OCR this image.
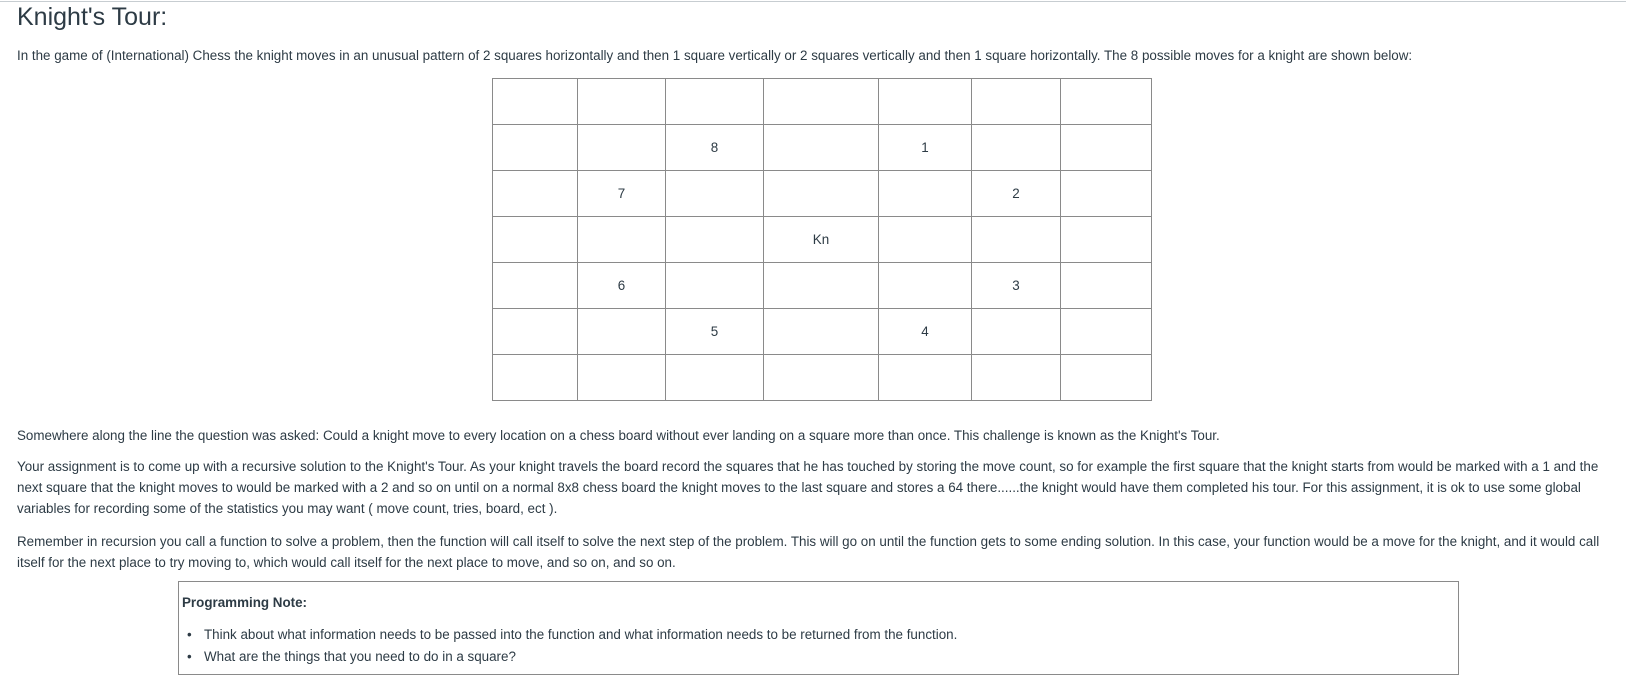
Knight's Tour:

In the game of (International) Chess the knight moves in an unusual pattern of 2 squares horizontally and then 1 square vertically or 2 squares vertically and then 1 square horizontally. The 8 possible moves for a knight are shown below:

		8		1		
	7				2	
			Kn			
	6				3	
		5		4		

Somewhere along the line the question was asked: Could a knight move to every location on a chess board without ever landing on a square more than once. This challenge is known as the Knight's Tour.

Your assignment is to come up with a recursive solution to the Knight's Tour. As your knight travels the board record the squares that he has touched by storing the move count, so for example the first square that the knight starts from would be marked with a 1 and the next square that the knight moves to would be marked with a 2 and so on until on a normal 8x8 chess board the knight moves to the last square and stores a 64 there......the knight would have them completed his tour. For this assignment, it is ok to use some global variables for recording some of the statistics you may want ( move count, tries, board, ect ).

Remember in recursion you call a function to solve a problem, then the function will call itself to solve the next step of the problem. This will go on until the function gets to some ending solution. In this case, your function would be a move for the knight, and it would call itself for the next place to try moving to, which would call itself for the next place to move, and so on, and so on.

Programming Note:
• Think about what information needs to be passed into the function and what information needs to be returned from the function.
• What are the things that you need to do in a square?
